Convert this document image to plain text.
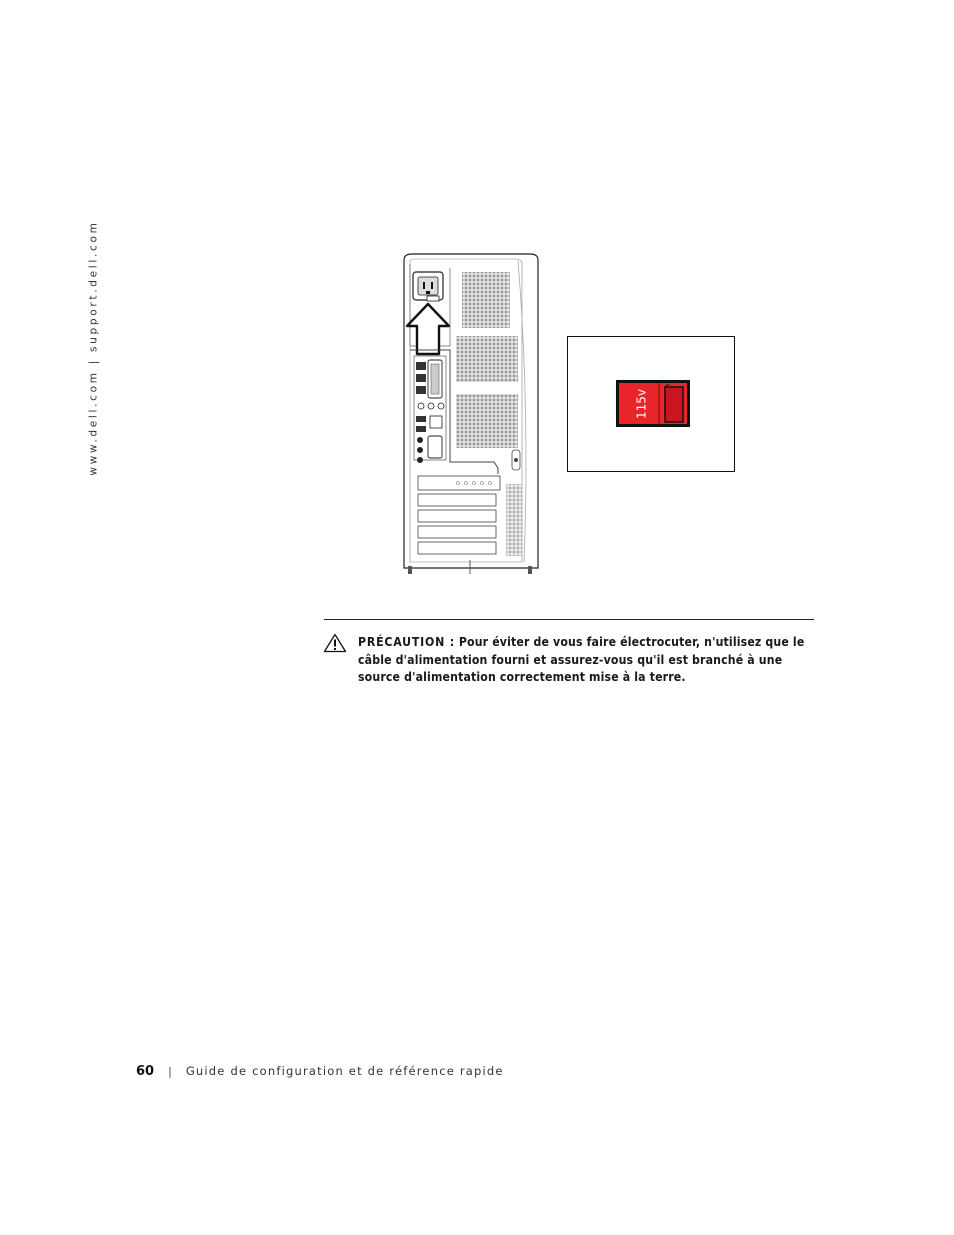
www.dell.com | support.dell.com	115v
PRÉCAUTION : Pour éviter de vous faire électrocuter, n'utilisez que le câble d'alimentation fourni et assurez-vous qu'il est branché à une source d'alimentation correctement mise à la terre.
60 | Guide de configuration et de référence rapide
